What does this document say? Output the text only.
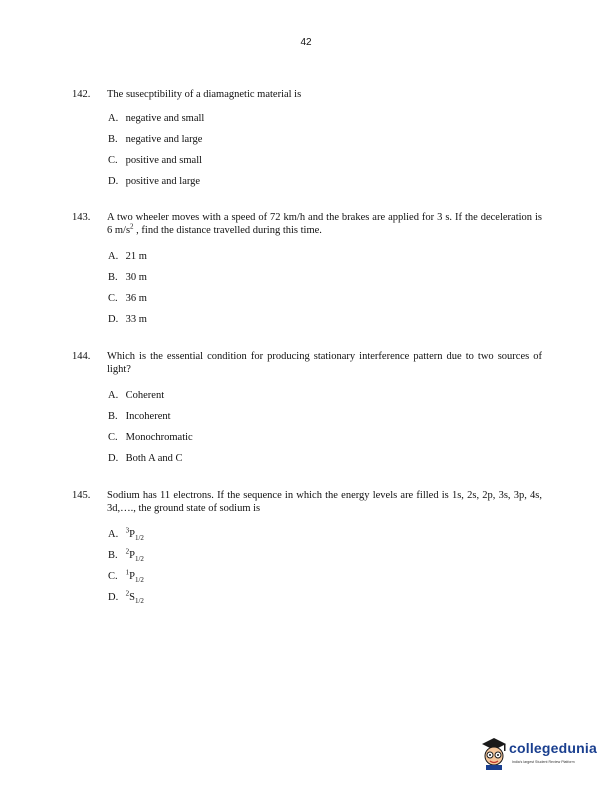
42
142. The susecptibility of a diamagnetic material is
A. negative and small
B. negative and large
C. positive and small
D. positive and large
143. A two wheeler moves with a speed of 72 km/h and the brakes are applied for 3 s. If the deceleration is 6 $m/s^2$ , find the distance travelled during this time.
A. 21 m
B. 30 m
C. 36 m
D. 33 m
144. Which is the essential condition for producing stationary interference pattern due to two sources of light?
A. Coherent
B. Incoherent
C. Monochromatic
D. Both A and C
145. Sodium has 11 electrons. If the sequence in which the energy levels are filled is 1s, 2s, 2p, 3s, 3p, 4s, 3d,…., the ground state of sodium is
A. $^3P_{1/2}$
B. $^2P_{1/2}$
C. $^1P_{1/2}$
D. $^2S_{1/2}$
collegedunia
India's largest Student Review Platform
